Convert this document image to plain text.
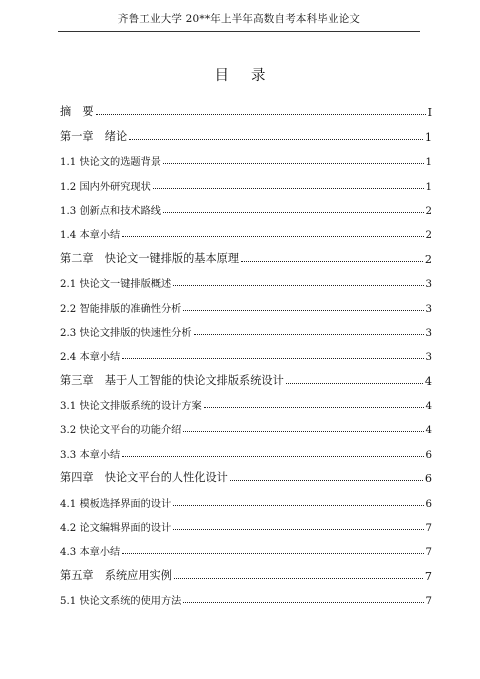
齐鲁工业大学 20**年上半年高数自考本科毕业论文
目录
摘　要	I
第一章　绪论	1
1.1 快论文的选题背景	1
1.2 国内外研究现状	1
1.3 创新点和技术路线	2
1.4 本章小结	2
第二章　快论文一键排版的基本原理	2
2.1 快论文一键排版概述	3
2.2 智能排版的准确性分析	3
2.3 快论文排版的快速性分析	3
2.4 本章小结	3
第三章　基于人工智能的快论文排版系统设计	4
3.1 快论文排版系统的设计方案	4
3.2 快论文平台的功能介绍	4
3.3 本章小结	6
第四章　快论文平台的人性化设计	6
4.1 模板选择界面的设计	6
4.2 论文编辑界面的设计	7
4.3 本章小结	7
第五章　系统应用实例	7
5.1 快论文系统的使用方法	7
